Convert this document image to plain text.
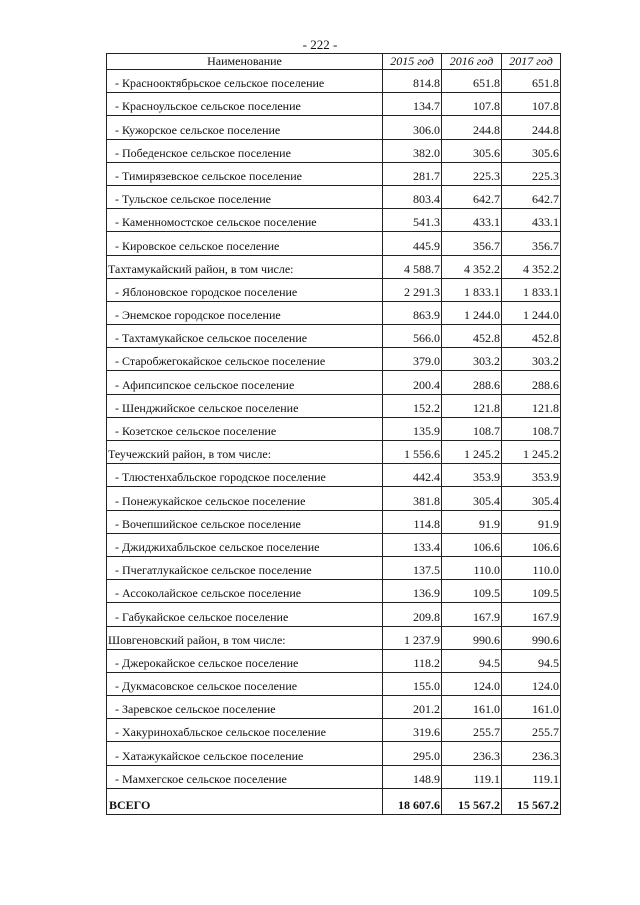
- 222 -
Наименование	2015 год	2016 год	2017 год
- Краснооктябрьское сельское поселение	814.8	651.8	651.8
- Красноульское сельское поселение	134.7	107.8	107.8
- Кужорское сельское поселение	306.0	244.8	244.8
- Победенское сельское поселение	382.0	305.6	305.6
- Тимирязевское сельское поселение	281.7	225.3	225.3
- Тульское сельское поселение	803.4	642.7	642.7
- Каменномостское сельское поселение	541.3	433.1	433.1
- Кировское сельское поселение	445.9	356.7	356.7
Тахтамукайский район, в том числе:	4 588.7	4 352.2	4 352.2
- Яблоновское городское поселение	2 291.3	1 833.1	1 833.1
- Энемское городское поселение	863.9	1 244.0	1 244.0
- Тахтамукайское сельское поселение	566.0	452.8	452.8
- Старобжегокайское сельское поселение	379.0	303.2	303.2
- Афипсипское сельское поселение	200.4	288.6	288.6
- Шенджийское сельское поселение	152.2	121.8	121.8
- Козетское сельское поселение	135.9	108.7	108.7
Теучежский район, в том числе:	1 556.6	1 245.2	1 245.2
- Тлюстенхабльское городское поселение	442.4	353.9	353.9
- Понежукайское сельское поселение	381.8	305.4	305.4
- Вочепшийское сельское поселение	114.8	91.9	91.9
- Джиджихабльское сельское поселение	133.4	106.6	106.6
- Пчегатлукайское сельское поселение	137.5	110.0	110.0
- Ассоколайское сельское поселение	136.9	109.5	109.5
- Габукайское сельское поселение	209.8	167.9	167.9
Шовгеновский район, в том числе:	1 237.9	990.6	990.6
- Джерокайское сельское поселение	118.2	94.5	94.5
- Дукмасовское сельское поселение	155.0	124.0	124.0
- Заревское сельское поселение	201.2	161.0	161.0
- Хакуринохабльское сельское поселение	319.6	255.7	255.7
- Хатажукайское сельское поселение	295.0	236.3	236.3
- Мамхегское сельское поселение	148.9	119.1	119.1
ВСЕГО	18 607.6	15 567.2	15 567.2
